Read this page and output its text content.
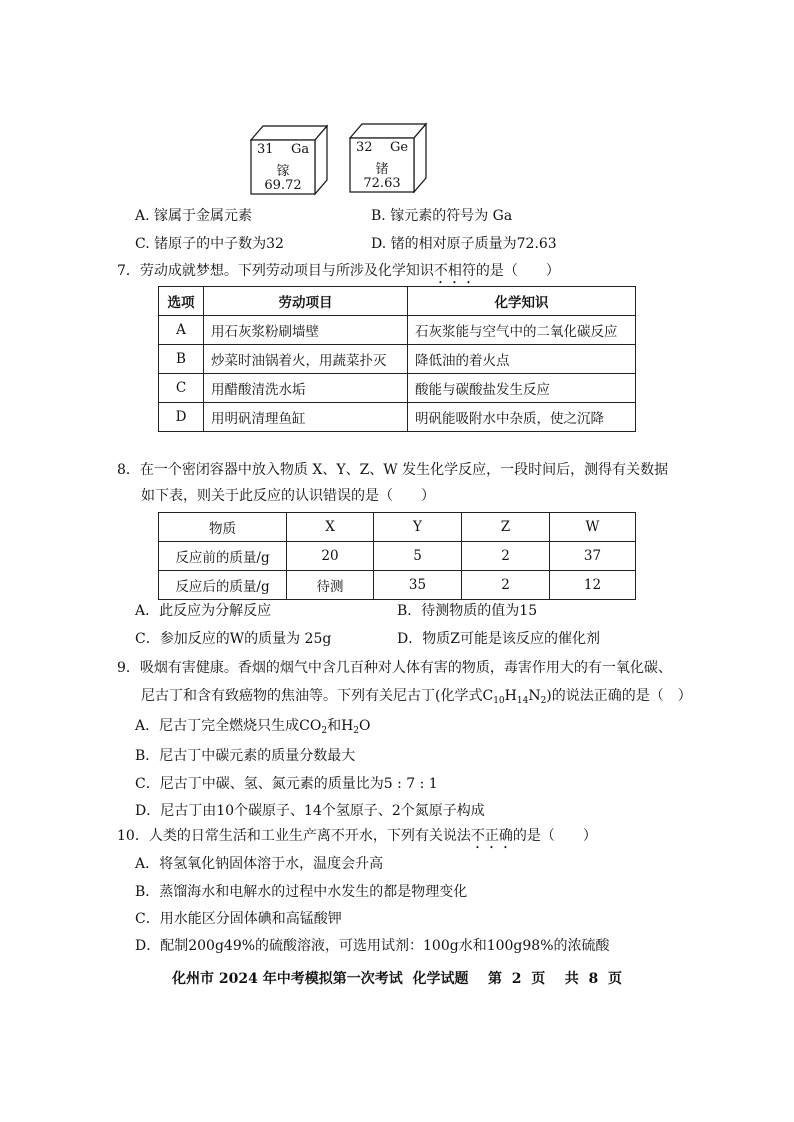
31 Ga
镓
69.72
32 Ge
锗
72.63
A. 镓属于金属元素	B. 镓元素的符号为 Ga
C. 锗原子的中子数为32	D. 锗的相对原子质量为72.63
7．劳动成就梦想。下列劳动项目与所涉及化学知识不相符的是（　　）
选项	劳动项目	化学知识
A	用石灰浆粉刷墙壁	石灰浆能与空气中的二氧化碳反应
B	炒菜时油锅着火，用蔬菜扑灭	降低油的着火点
C	用醋酸清洗水垢	酸能与碳酸盐发生反应
D	用明矾清理鱼缸	明矾能吸附水中杂质，使之沉降
8．在一个密闭容器中放入物质 X、Y、Z、W 发生化学反应，一段时间后，测得有关数据
如下表，则关于此反应的认识错误的是（　　）
物质	X	Y	Z	W
反应前的质量/g	20	5	2	37
反应后的质量/g	待测	35	2	12
A．此反应为分解反应	B．待测物质的值为15
C．参加反应的W的质量为 25g	D．物质Z可能是该反应的催化剂
9．吸烟有害健康。香烟的烟气中含几百种对人体有害的物质，毒害作用大的有一氧化碳、
尼古丁和含有致癌物的焦油等。下列有关尼古丁(化学式$C_{10}H_{14}N_2$)的说法正确的是（　）
A．尼古丁完全燃烧只生成$CO_2$和$H_2O$
B．尼古丁中碳元素的质量分数最大
C．尼古丁中碳、氢、氮元素的质量比为5 : 7 : 1
D．尼古丁由10个碳原子、14个氢原子、2个氮原子构成
10．人类的日常生活和工业生产离不开水，下列有关说法不正确的是（　　）
A．将氢氧化钠固体溶于水，温度会升高
B．蒸馏海水和电解水的过程中水发生的都是物理变化
C．用水能区分固体碘和高锰酸钾
D．配制200g49%的硫酸溶液，可选用试剂：100g水和100g98%的浓硫酸
化州市 2024 年中考模拟第一次考试  化学试题    第  2  页    共  8  页
